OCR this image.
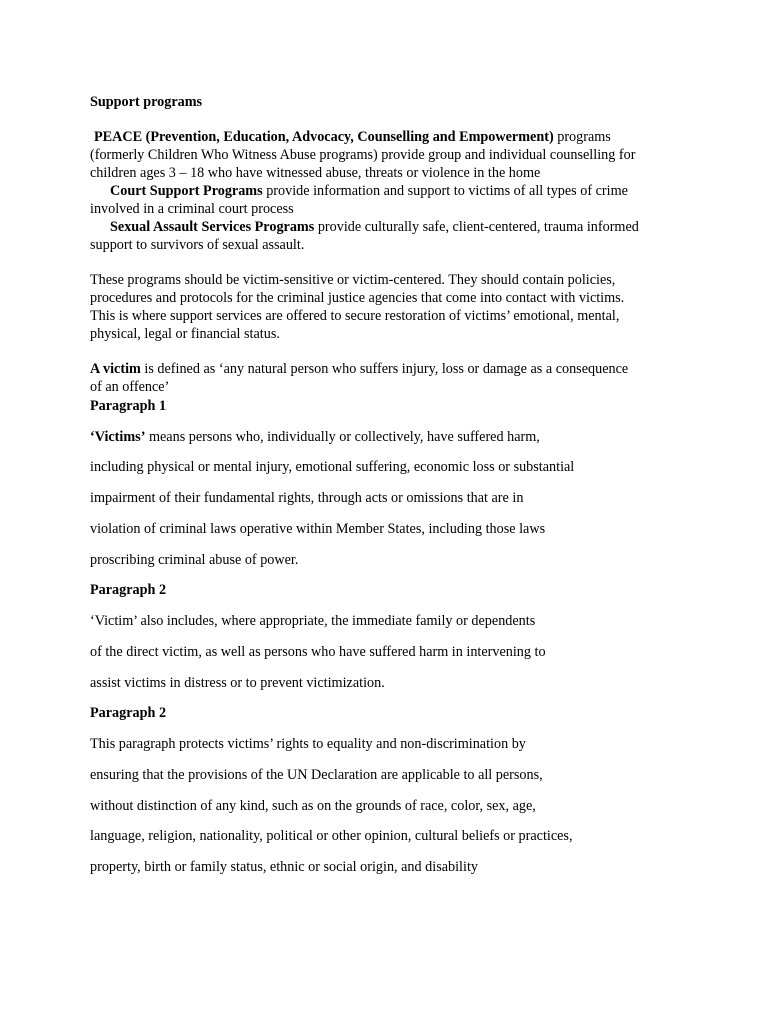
Support programs
PEACE (Prevention, Education, Advocacy, Counselling and Empowerment) programs
(formerly Children Who Witness Abuse programs) provide group and individual counselling for
children ages 3 – 18 who have witnessed abuse, threats or violence in the home
Court Support Programs provide information and support to victims of all types of crime
involved in a criminal court process
Sexual Assault Services Programs provide culturally safe, client-centered, trauma informed
support to survivors of sexual assault.
These programs should be victim-sensitive or victim-centered. They should contain policies,
procedures and protocols for the criminal justice agencies that come into contact with victims.
This is where support services are offered to secure restoration of victims’ emotional, mental,
physical, legal or financial status.
A victim is defined as ‘any natural person who suffers injury, loss or damage as a consequence
of an offence’
Paragraph 1
‘Victims’ means persons who, individually or collectively, have suffered harm,
including physical or mental injury, emotional suffering, economic loss or substantial
impairment of their fundamental rights, through acts or omissions that are in
violation of criminal laws operative within Member States, including those laws
proscribing criminal abuse of power.
Paragraph 2
‘Victim’ also includes, where appropriate, the immediate family or dependents
of the direct victim, as well as persons who have suffered harm in intervening to
assist victims in distress or to prevent victimization.
Paragraph 2
This paragraph protects victims’ rights to equality and non-discrimination by
ensuring that the provisions of the UN Declaration are applicable to all persons,
without distinction of any kind, such as on the grounds of race, color, sex, age,
language, religion, nationality, political or other opinion, cultural beliefs or practices,
property, birth or family status, ethnic or social origin, and disability
